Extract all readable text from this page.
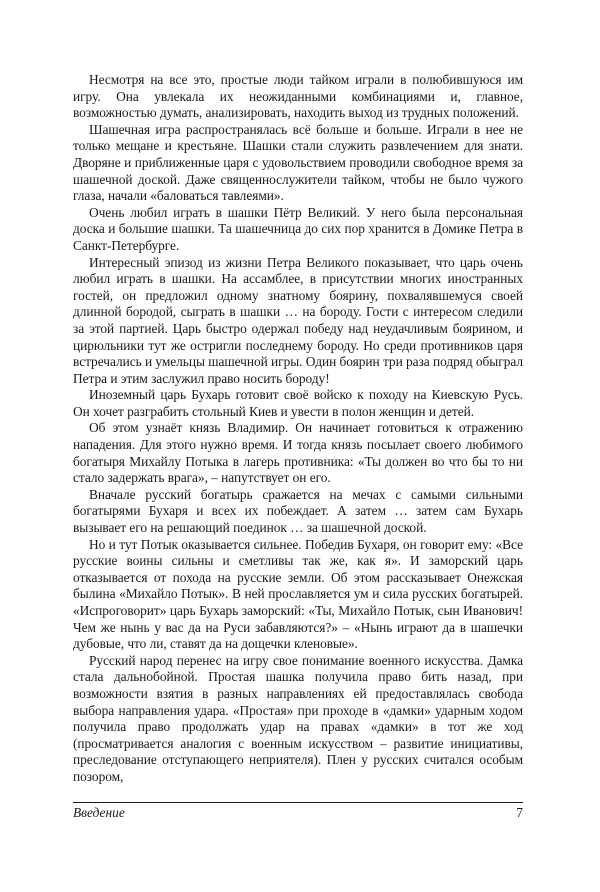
Несмотря на все это, простые люди тайком играли в полюбившуюся им игру. Она увлекала их неожиданными комбинациями и, главное, возможностью думать, анализировать, находить выход из трудных положений.

Шашечная игра распространялась всё больше и больше. Играли в нее не только мещане и крестьяне. Шашки стали служить развлечением для знати. Дворяне и приближенные царя с удовольствием проводили свободное время за шашечной доской. Даже священнослужители тайком, чтобы не было чужого глаза, начали «баловаться тавлеями».

Очень любил играть в шашки Пётр Великий. У него была персональная доска и большие шашки. Та шашечница до сих пор хранится в Домике Петра в Санкт-Петербурге.

Интересный эпизод из жизни Петра Великого показывает, что царь очень любил играть в шашки. На ассамблее, в присутствии многих иностранных гостей, он предложил одному знатному боярину, похвалявшемуся своей длинной бородой, сыграть в шашки … на бороду. Гости с интересом следили за этой партией. Царь быстро одержал победу над неудачливым боярином, и цирюльники тут же остригли последнему бороду. Но среди противников царя встречались и умельцы шашечной игры. Один боярин три раза подряд обыграл Петра и этим заслужил право носить бороду!

Иноземный царь Бухарь готовит своё войско к походу на Киевскую Русь. Он хочет разграбить стольный Киев и увести в полон женщин и детей.

Об этом узнаёт князь Владимир. Он начинает готовиться к отражению нападения. Для этого нужно время. И тогда князь посылает своего любимого богатыря Михайлу Потыка в лагерь противника: «Ты должен во что бы то ни стало задержать врага», – напутствует он его.

Вначале русский богатырь сражается на мечах с самыми сильными богатырями Бухаря и всех их побеждает. А затем … затем сам Бухарь вызывает его на решающий поединок … за шашечной доской.

Но и тут Потык оказывается сильнее. Победив Бухаря, он говорит ему: «Все русские воины сильны и сметливы так же, как я». И заморский царь отказывается от похода на русские земли. Об этом рассказывает Онежская былина «Михайло Потык». В ней прославляется ум и сила русских богатырей. «Испроговорит» царь Бухарь заморский: «Ты, Михайло Потык, сын Иванович! Чем же нынь у вас да на Руси забавляются?» – «Нынь играют да в шашечки дубовые, что ли, ставят да на дощечки кленовые».

Русский народ перенес на игру свое понимание военного искусства. Дамка стала дальнобойной. Простая шашка получила право бить назад, при возможности взятия в разных направлениях ей предоставлялась свобода выбора направления удара. «Простая» при проходе в «дамки» ударным ходом получила право продолжать удар на правах «дамки» в тот же ход (просматривается аналогия с военным искусством – развитие инициативы, преследование отступающего неприятеля). Плен у русских считался особым позором,

Введение	7
